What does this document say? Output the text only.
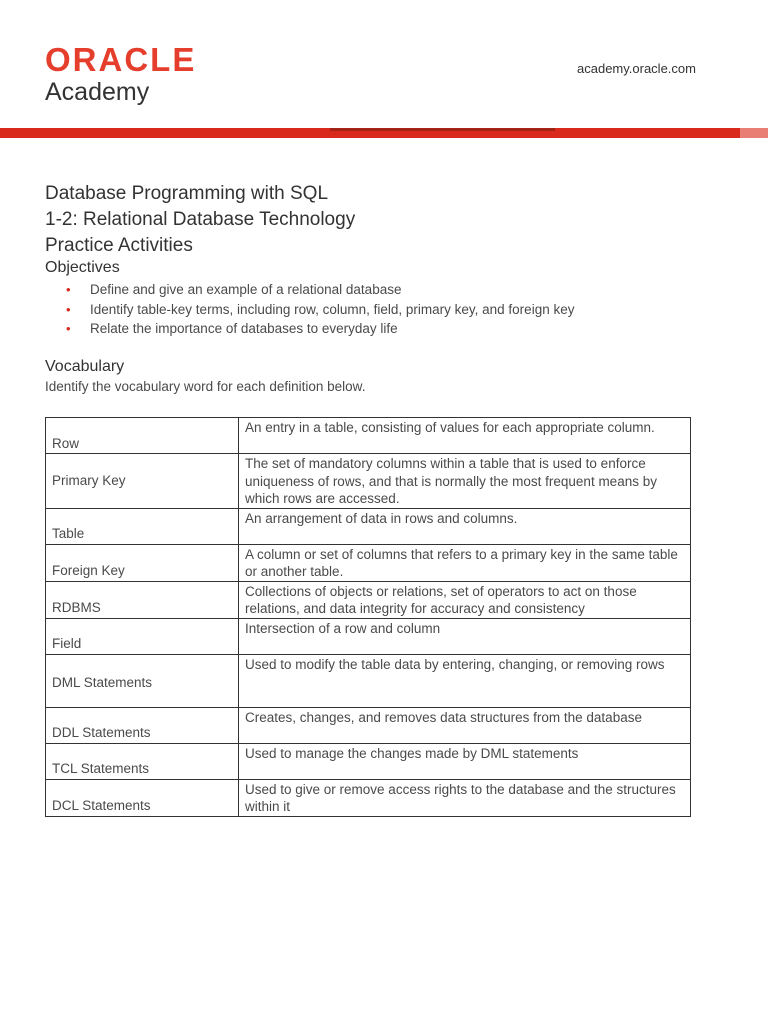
ORACLE
Academy
academy.oracle.com
Database Programming with SQL
1-2: Relational Database Technology
Practice Activities
Objectives
• Define and give an example of a relational database
• Identify table-key terms, including row, column, field, primary key, and foreign key
• Relate the importance of databases to everyday life
Vocabulary
Identify the vocabulary word for each definition below.
Row	An entry in a table, consisting of values for each appropriate column.
Primary Key	The set of mandatory columns within a table that is used to enforce uniqueness of rows, and that is normally the most frequent means by which rows are accessed.
Table	An arrangement of data in rows and columns.
Foreign Key	A column or set of columns that refers to a primary key in the same table or another table.
RDBMS	Collections of objects or relations, set of operators to act on those relations, and data integrity for accuracy and consistency
Field	Intersection of a row and column
DML Statements	Used to modify the table data by entering, changing, or removing rows
DDL Statements	Creates, changes, and removes data structures from the database
TCL Statements	Used to manage the changes made by DML statements
DCL Statements	Used to give or remove access rights to the database and the structures within it
